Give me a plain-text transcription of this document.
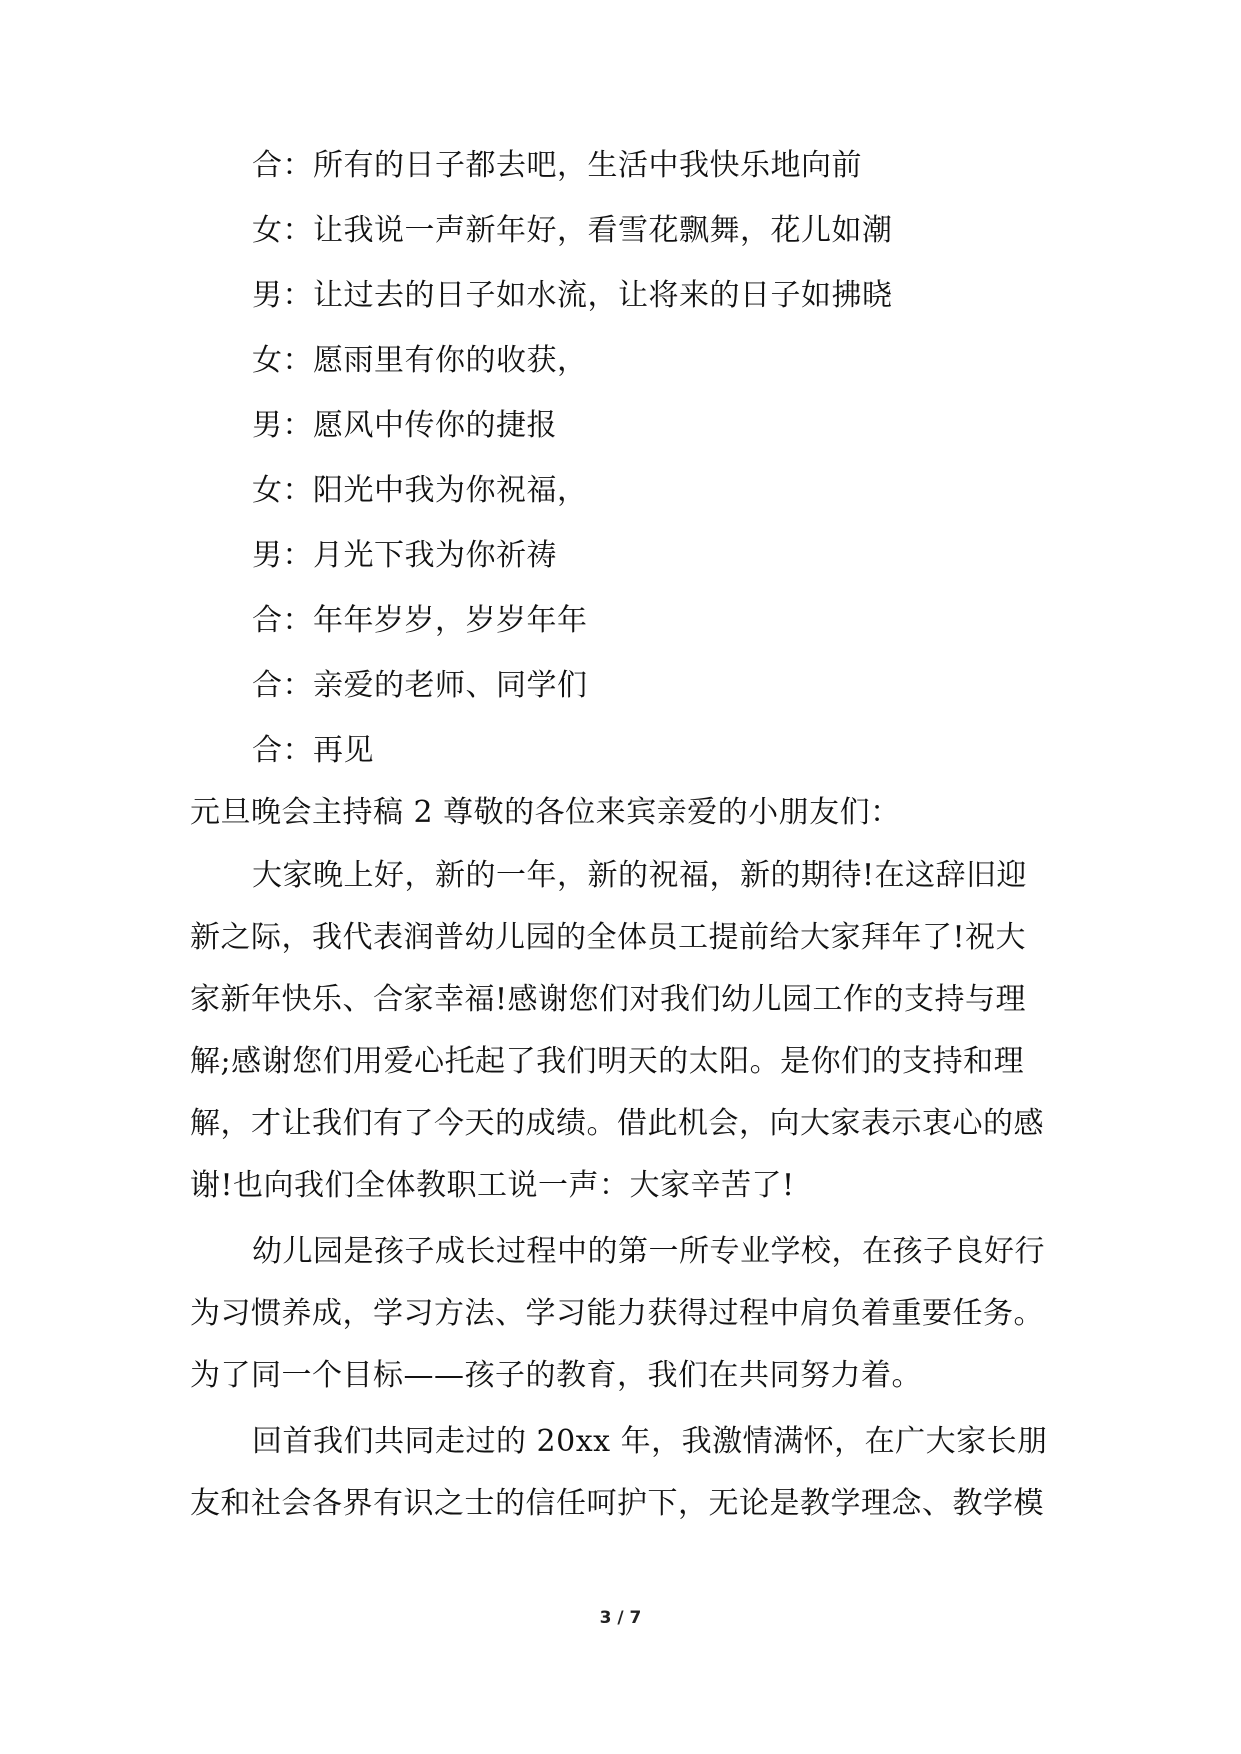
合：所有的日子都去吧，生活中我快乐地向前
女：让我说一声新年好，看雪花飘舞，花儿如潮
男：让过去的日子如水流，让将来的日子如拂晓
女：愿雨里有你的收获，
男：愿风中传你的捷报
女：阳光中我为你祝福，
男：月光下我为你祈祷
合：年年岁岁，岁岁年年
合：亲爱的老师、同学们
合：再见
元旦晚会主持稿 2 尊敬的各位来宾亲爱的小朋友们：
大家晚上好，新的一年，新的祝福，新的期待!在这辞旧迎
新之际，我代表润普幼儿园的全体员工提前给大家拜年了!祝大
家新年快乐、合家幸福!感谢您们对我们幼儿园工作的支持与理
解;感谢您们用爱心托起了我们明天的太阳。是你们的支持和理
解，才让我们有了今天的成绩。借此机会，向大家表示衷心的感
谢!也向我们全体教职工说一声：大家辛苦了!
幼儿园是孩子成长过程中的第一所专业学校，在孩子良好行
为习惯养成，学习方法、学习能力获得过程中肩负着重要任务。
为了同一个目标——孩子的教育，我们在共同努力着。
回首我们共同走过的 20xx 年，我激情满怀，在广大家长朋
友和社会各界有识之士的信任呵护下，无论是教学理念、教学模
3 / 7
